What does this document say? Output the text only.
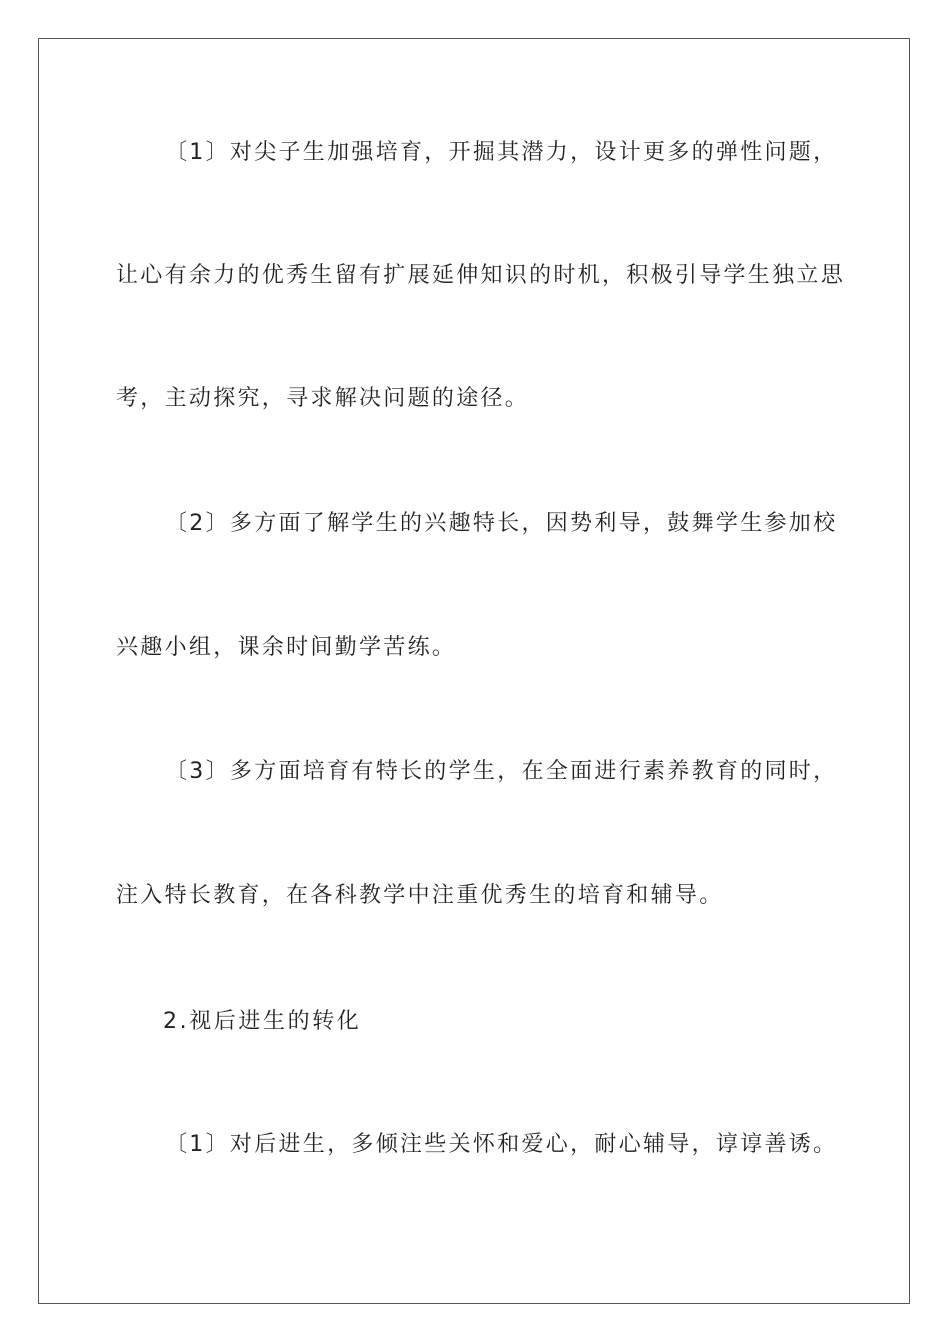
〔1〕对尖子生加强培育，开掘其潜力，设计更多的弹性问题，
让心有余力的优秀生留有扩展延伸知识的时机，积极引导学生独立思
考，主动探究，寻求解决问题的途径。
〔2〕多方面了解学生的兴趣特长，因势利导，鼓舞学生参加校
兴趣小组，课余时间勤学苦练。
〔3〕多方面培育有特长的学生，在全面进行素养教育的同时，
注入特长教育，在各科教学中注重优秀生的培育和辅导。
2.视后进生的转化
〔1〕对后进生，多倾注些关怀和爱心，耐心辅导，谆谆善诱。
